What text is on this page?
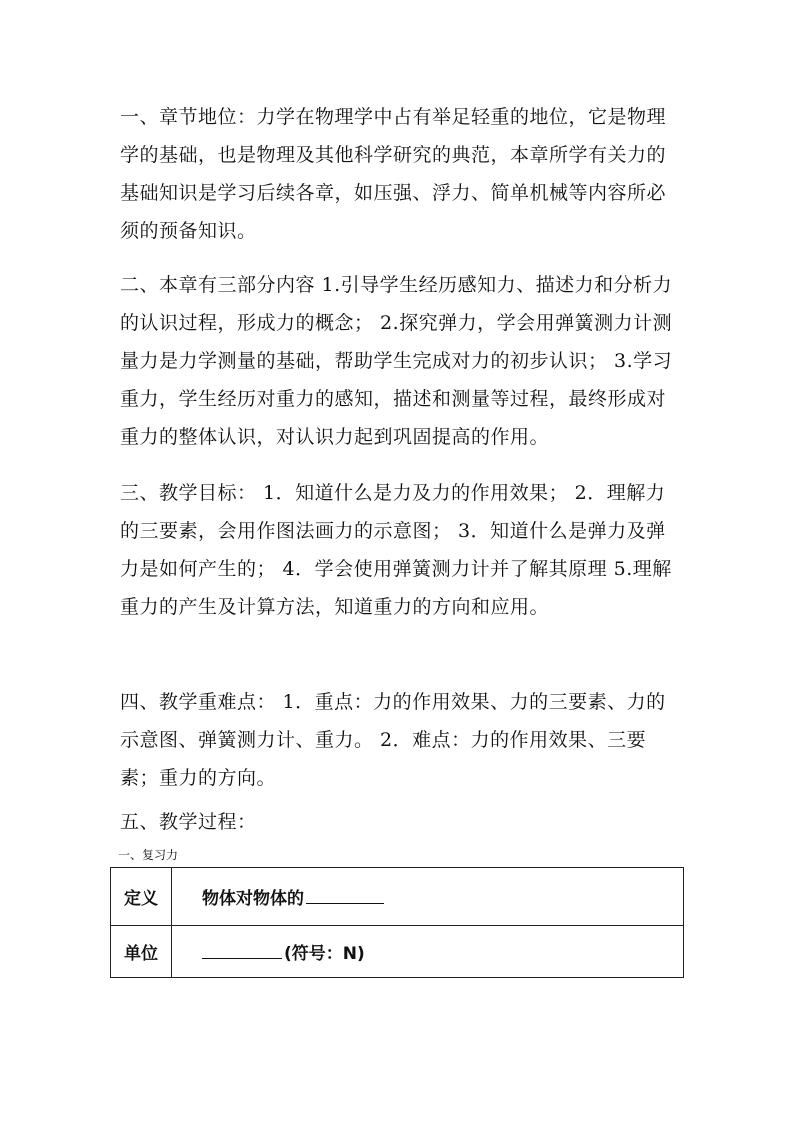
一、章节地位：力学在物理学中占有举足轻重的地位，它是物理学的基础，也是物理及其他科学研究的典范，本章所学有关力的基础知识是学习后续各章，如压强、浮力、简单机械等内容所必须的预备知识。

二、本章有三部分内容 1.引导学生经历感知力、描述力和分析力的认识过程，形成力的概念； 2.探究弹力，学会用弹簧测力计测量力是力学测量的基础，帮助学生完成对力的初步认识； 3.学习重力，学生经历对重力的感知，描述和测量等过程，最终形成对重力的整体认识，对认识力起到巩固提高的作用。

三、教学目标： 1．知道什么是力及力的作用效果； 2．理解力的三要素，会用作图法画力的示意图； 3．知道什么是弹力及弹力是如何产生的； 4．学会使用弹簧测力计并了解其原理 5.理解重力的产生及计算方法，知道重力的方向和应用。

四、教学重难点： 1．重点：力的作用效果、力的三要素、力的示意图、弹簧测力计、重力。 2．难点：力的作用效果、三要素；重力的方向。

五、教学过程：

一、复习力
定义	物体对物体的
单位	(符号：N)
